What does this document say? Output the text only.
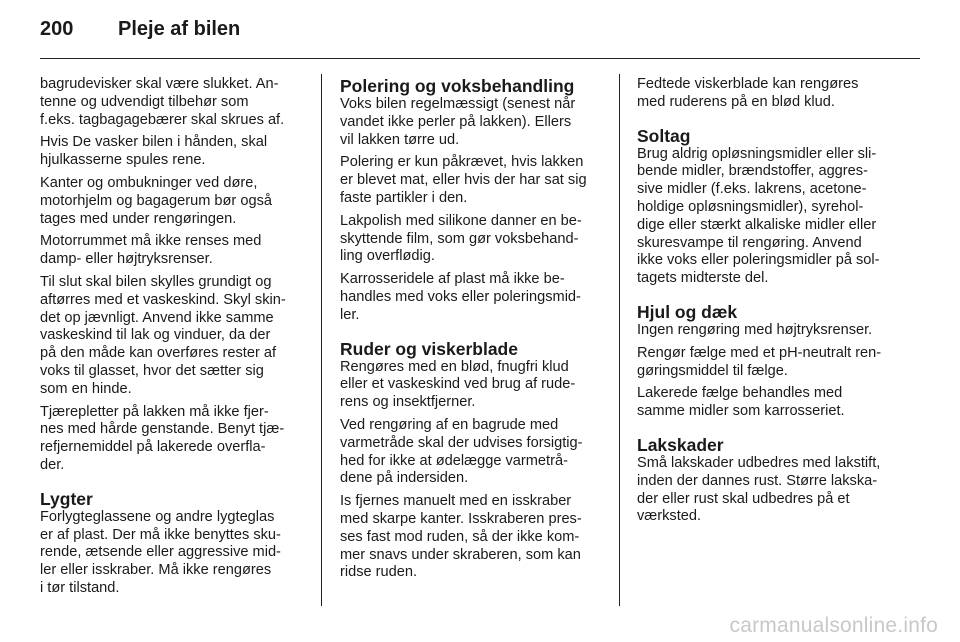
200	Pleje af bilen

bagrudevisker skal være slukket. An-
tenne og udvendigt tilbehør som
f.eks. tagbagagebærer skal skrues af.

Hvis De vasker bilen i hånden, skal
hjulkasserne spules rene.

Kanter og ombukninger ved døre,
motorhjelm og bagagerum bør også
tages med under rengøringen.

Motorrummet må ikke renses med
damp- eller højtryksrenser.

Til slut skal bilen skylles grundigt og
aftørres med et vaskeskind. Skyl skin-
det op jævnligt. Anvend ikke samme
vaskeskind til lak og vinduer, da der
på den måde kan overføres rester af
voks til glasset, hvor det sætter sig
som en hinde.

Tjærepletter på lakken må ikke fjer-
nes med hårde genstande. Benyt tjæ-
refjernemiddel på lakerede overfla-
der.

Lygter

Forlygteglassene og andre lygteglas
er af plast. Der må ikke benyttes sku-
rende, ætsende eller aggressive mid-
ler eller isskraber. Må ikke rengøres
i tør tilstand.

Polering og voksbehandling

Voks bilen regelmæssigt (senest når
vandet ikke perler på lakken). Ellers
vil lakken tørre ud.

Polering er kun påkrævet, hvis lakken
er blevet mat, eller hvis der har sat sig
faste partikler i den.

Lakpolish med silikone danner en be-
skyttende film, som gør voksbehand-
ling overflødig.

Karrosseridele af plast må ikke be-
handles med voks eller poleringsmid-
ler.

Ruder og viskerblade

Rengøres med en blød, fnugfri klud
eller et vaskeskind ved brug af rude-
rens og insektfjerner.

Ved rengøring af en bagrude med
varmetråde skal der udvises forsigtig-
hed for ikke at ødelægge varmetrå-
dene på indersiden.

Is fjernes manuelt med en isskraber
med skarpe kanter. Isskraberen pres-
ses fast mod ruden, så der ikke kom-
mer snavs under skraberen, som kan
ridse ruden.

Fedtede viskerblade kan rengøres
med ruderens på en blød klud.

Soltag

Brug aldrig opløsningsmidler eller sli-
bende midler, brændstoffer, aggres-
sive midler (f.eks. lakrens, acetone-
holdige opløsningsmidler), syrehol-
dige eller stærkt alkaliske midler eller
skuresvampe til rengøring. Anvend
ikke voks eller poleringsmidler på sol-
tagets midterste del.

Hjul og dæk

Ingen rengøring med højtryksrenser.

Rengør fælge med et pH-neutralt ren-
gøringsmiddel til fælge.

Lakerede fælge behandles med
samme midler som karrosseriet.

Lakskader

Små lakskader udbedres med lakstift,
inden der dannes rust. Større lakska-
der eller rust skal udbedres på et
værksted.

carmanualsonline.info
